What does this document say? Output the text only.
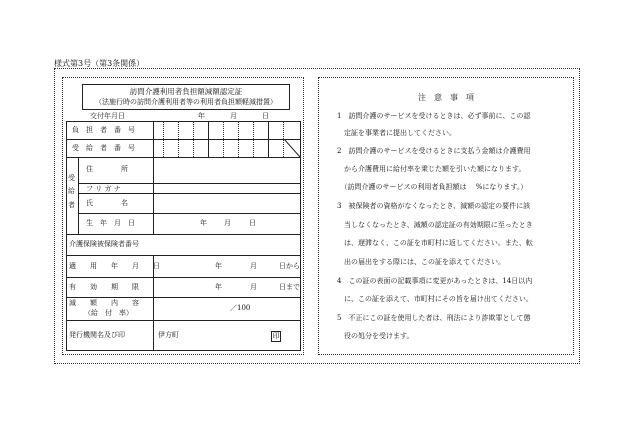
様式第3号（第3条関係）
訪問介護利用者負担額減額認定証
（法施行時の訪問介護利用者等の利用者負担額軽減措置）
交付年月日	年	月	日
負　担　者　番　号
受　給　者　番　号
受
給
者
住　　　　所
フ リ ガ ナ
氏　　　　名
生　年　月　日	年 月	日
介護保険被保険者番号
適　　用　　年　　月　　日	年	月	日から
有　　効　　期　　限	年	月	日まで
減　　額　　内　　容
（給　付　率）
／100
発行機関名及び印	伊方町	印
注　意　事　項
1　訪問介護のサービスを受けるときは、必ず事前に、この認
　定証を事業者に提出してください。
2　訪問介護のサービスを受けるときに支払う金額は介護費用
　から介護費用に給付率を乗じた額を引いた額になります。
　（訪問介護のサービスの利用者負担額は　 %になります。）
3　被保険者の資格がなくなったとき、減額の認定の要件に該
　当しなくなったとき、減額の認定証の有効期限に至ったとき
　は、遅滞なく、この証を市町村に返してください。また、転
　出の届出をする際には、この証を添えてください。
4　この証の表面の記載事項に変更があったときは、14日以内
　に、この証を添えて、市町村にその旨を届け出てください。
5　不正にこの証を使用した者は、刑法により詐欺罪として懲
　役の処分を受けます。
